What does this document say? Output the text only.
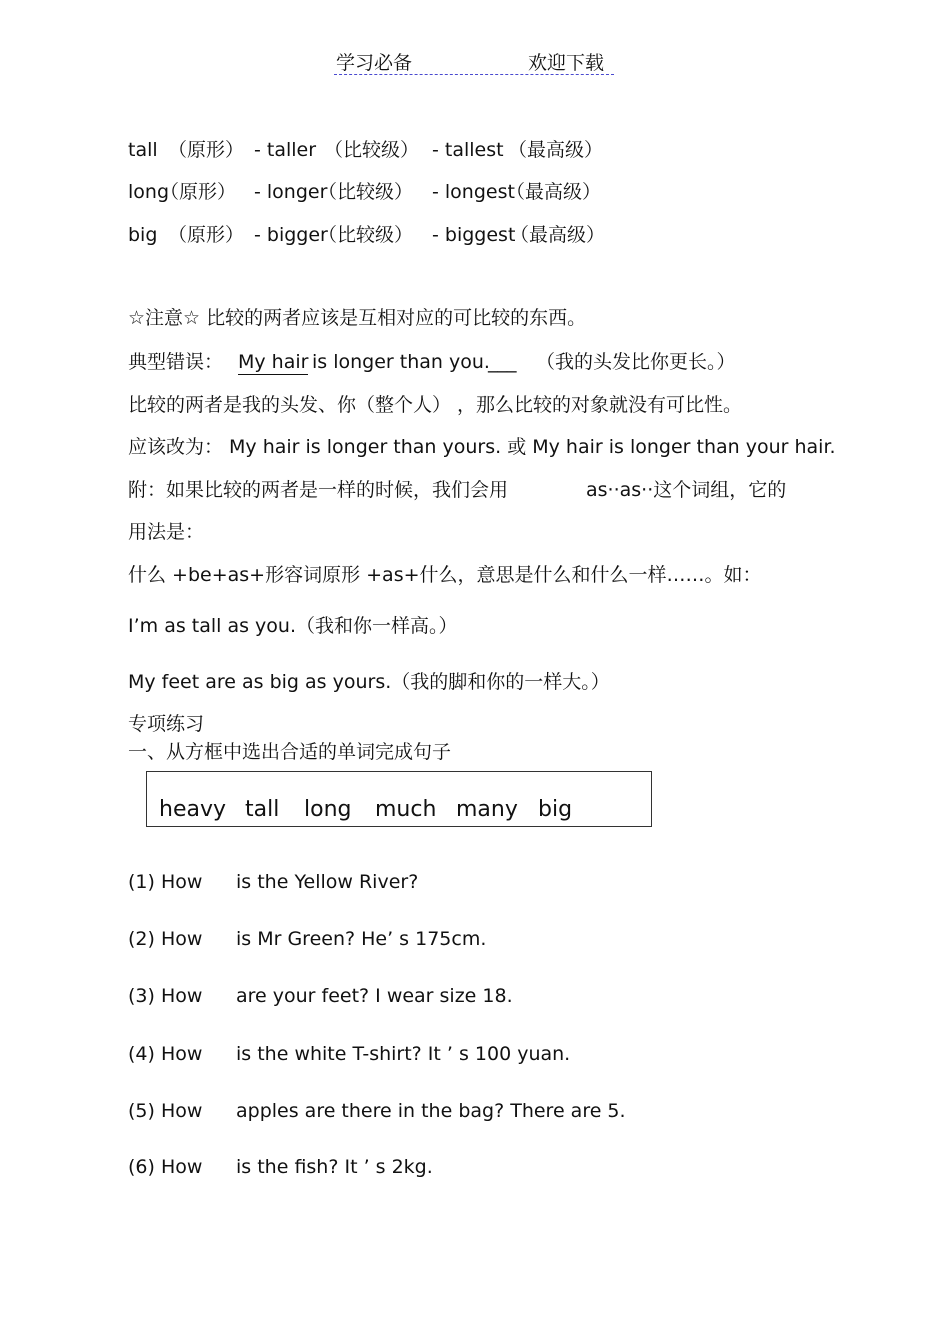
学习必备	欢迎下载
tall （原形） - taller （比较级） - tallest （最高级）
long
（原形） - longer
（比较级） - longest
（最高级）
big （原形） - bigger
（比较级） - biggest
（最高级）
☆注意☆ 比较的两者应该是互相对应的可比较的东西。
典型错误： My hair is longer than you.
___ （我的头发比你更长。）
比较的两者是我的头发、你（整个人） ，那么比较的对象就没有可比性。
应该改为： My hair is longer than yours. 或 My hair is longer than your hair.
附：如果比较的两者是一样的时候，我们会用	as··as··这个词组，它的
用法是：
什么 +be+as+形容词原形 +as+什么，意思是什么和什么一样……。如：
I’m as tall as you.（我和你一样高。）
My feet are as big as yours.（我的脚和你的一样大。）
专项练习
一、从方框中选出合适的单词完成句子
heavy tall long much many big
(1) How is the Yellow River?
(2) How is Mr Green? He’ s 175cm.
(3) How are your feet? I wear size 18.
(4) How is the white T-shirt? It ’ s 100 yuan.
(5) How apples are there in the bag? There are 5.
(6) How is the fish? It ’ s 2kg.
